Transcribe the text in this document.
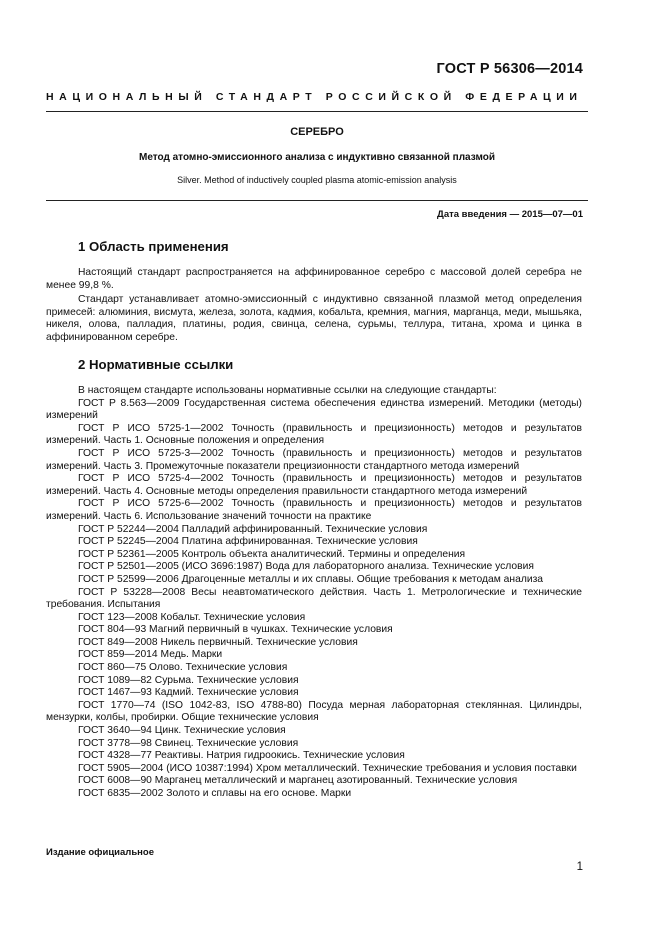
ГОСТ Р 56306—2014
НАЦИОНАЛЬНЫЙ СТАНДАРТ РОССИЙСКОЙ ФЕДЕРАЦИИ
СЕРЕБРО
Метод атомно-эмиссионного анализа с индуктивно связанной плазмой
Silver. Method of inductively coupled plasma atomic-emission analysis
Дата введения — 2015—07—01
1 Область применения

Настоящий стандарт распространяется на аффинированное серебро с массовой долей серебра не менее 99,8 %.

Стандарт устанавливает атомно-эмиссионный с индуктивно связанной плазмой метод определения примесей: алюминия, висмута, железа, золота, кадмия, кобальта, кремния, магния, марганца, меди, мышьяка, никеля, олова, палладия, платины, родия, свинца, селена, сурьмы, теллура, титана, хрома и цинка в аффинированном серебре.

2 Нормативные ссылки

В настоящем стандарте использованы нормативные ссылки на следующие стандарты:

ГОСТ Р 8.563—2009 Государственная система обеспечения единства измерений. Методики (методы) измерений

ГОСТ Р ИСО 5725-1—2002 Точность (правильность и прецизионность) методов и результатов измерений. Часть 1. Основные положения и определения

ГОСТ Р ИСО 5725-3—2002 Точность (правильность и прецизионность) методов и результатов измерений. Часть 3. Промежуточные показатели прецизионности стандартного метода измерений

ГОСТ Р ИСО 5725-4—2002 Точность (правильность и прецизионность) методов и результатов измерений. Часть 4. Основные методы определения правильности стандартного метода измерений

ГОСТ Р ИСО 5725-6—2002 Точность (правильность и прецизионность) методов и результатов измерений. Часть 6. Использование значений точности на практике

ГОСТ Р 52244—2004 Палладий аффинированный. Технические условия

ГОСТ Р 52245—2004 Платина аффинированная. Технические условия

ГОСТ Р 52361—2005 Контроль объекта аналитический. Термины и определения

ГОСТ Р 52501—2005 (ИСО 3696:1987) Вода для лабораторного анализа. Технические условия

ГОСТ Р 52599—2006 Драгоценные металлы и их сплавы. Общие требования к методам анализа

ГОСТ Р 53228—2008 Весы неавтоматического действия. Часть 1. Метрологические и технические требования. Испытания

ГОСТ 123—2008 Кобальт. Технические условия

ГОСТ 804—93 Магний первичный в чушках. Технические условия

ГОСТ 849—2008 Никель первичный. Технические условия

ГОСТ 859—2014 Медь. Марки

ГОСТ 860—75 Олово. Технические условия

ГОСТ 1089—82 Сурьма. Технические условия

ГОСТ 1467—93 Кадмий. Технические условия

ГОСТ 1770—74 (ISO 1042-83, ISO 4788-80) Посуда мерная лабораторная стеклянная. Цилиндры, мензурки, колбы, пробирки. Общие технические условия

ГОСТ 3640—94 Цинк. Технические условия

ГОСТ 3778—98 Свинец. Технические условия

ГОСТ 4328—77 Реактивы. Натрия гидроокись. Технические условия

ГОСТ 5905—2004 (ИСО 10387:1994) Хром металлический. Технические требования и условия поставки

ГОСТ 6008—90 Марганец металлический и марганец азотированный. Технические условия

ГОСТ 6835—2002 Золото и сплавы на его основе. Марки

Издание официальное
1
